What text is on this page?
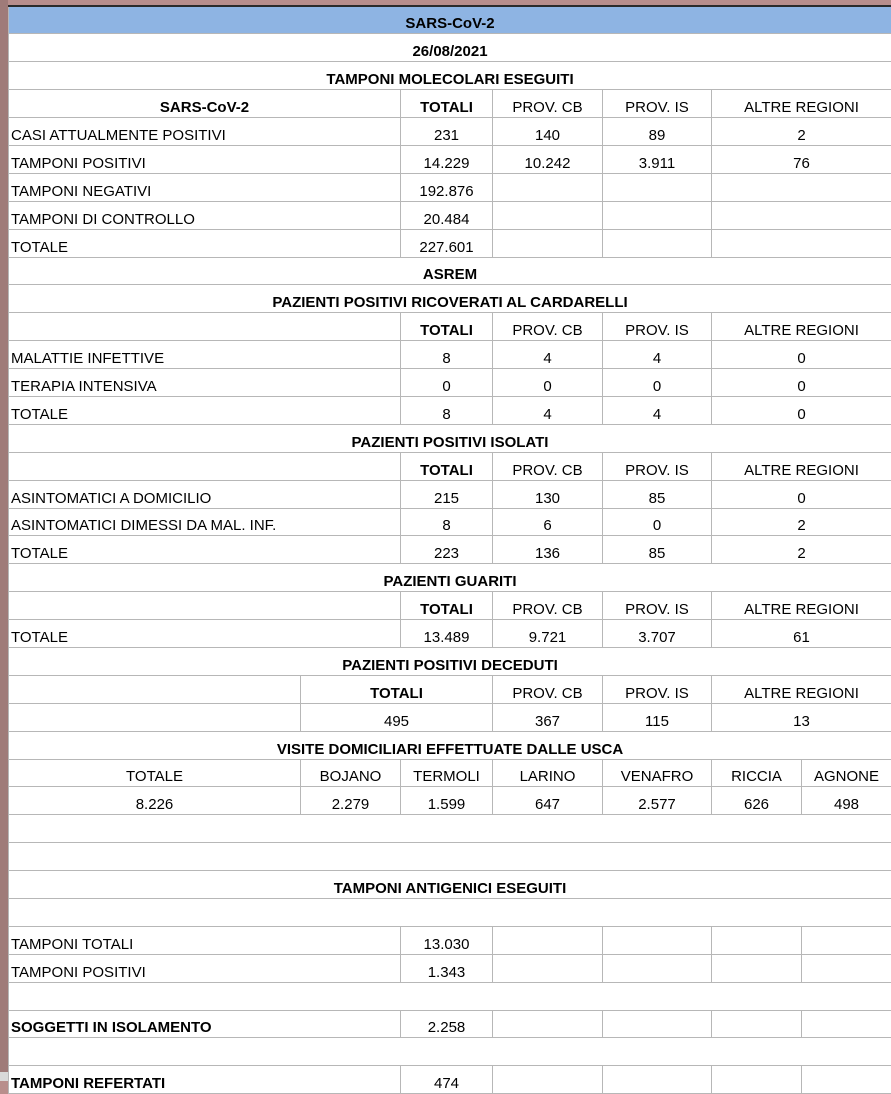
SARS-CoV-2						
26/08/2021						
TAMPONI MOLECOLARI ESEGUITI						
SARS-CoV-2		TOTALI	PROV. CB	PROV. IS	ALTRE REGIONI	
CASI ATTUALMENTE POSITIVI		231	140	89	2	
TAMPONI POSITIVI		14.229	10.242	3.911	76	
TAMPONI NEGATIVI		192.876				
TAMPONI DI CONTROLLO		20.484				
TOTALE		227.601				
ASREM						
PAZIENTI POSITIVI RICOVERATI AL CARDARELLI						
		TOTALI	PROV. CB	PROV. IS	ALTRE REGIONI	
MALATTIE INFETTIVE		8	4	4	0	
TERAPIA INTENSIVA		0	0	0	0	
TOTALE		8	4	4	0	
PAZIENTI POSITIVI ISOLATI						
		TOTALI	PROV. CB	PROV. IS	ALTRE REGIONI	
ASINTOMATICI A DOMICILIO		215	130	85	0	
ASINTOMATICI DIMESSI DA MAL. INF.		8	6	0	2	
TOTALE		223	136	85	2	
PAZIENTI GUARITI						
		TOTALI	PROV. CB	PROV. IS	ALTRE REGIONI	
TOTALE		13.489	9.721	3.707	61	
PAZIENTI POSITIVI DECEDUTI						
	TOTALI		PROV. CB	PROV. IS	ALTRE REGIONI	
	495		367	115	13	
VISITE DOMICILIARI EFFETTUATE DALLE USCA						
TOTALE	BOJANO	TERMOLI	LARINO	VENAFRO	RICCIA	AGNONE
8.226	2.279	1.599	647	2.577	626	498

TAMPONI ANTIGENICI ESEGUITI						

TAMPONI TOTALI		13.030				
TAMPONI POSITIVI		1.343				

SOGGETTI IN ISOLAMENTO		2.258				

TAMPONI REFERTATI		474				
